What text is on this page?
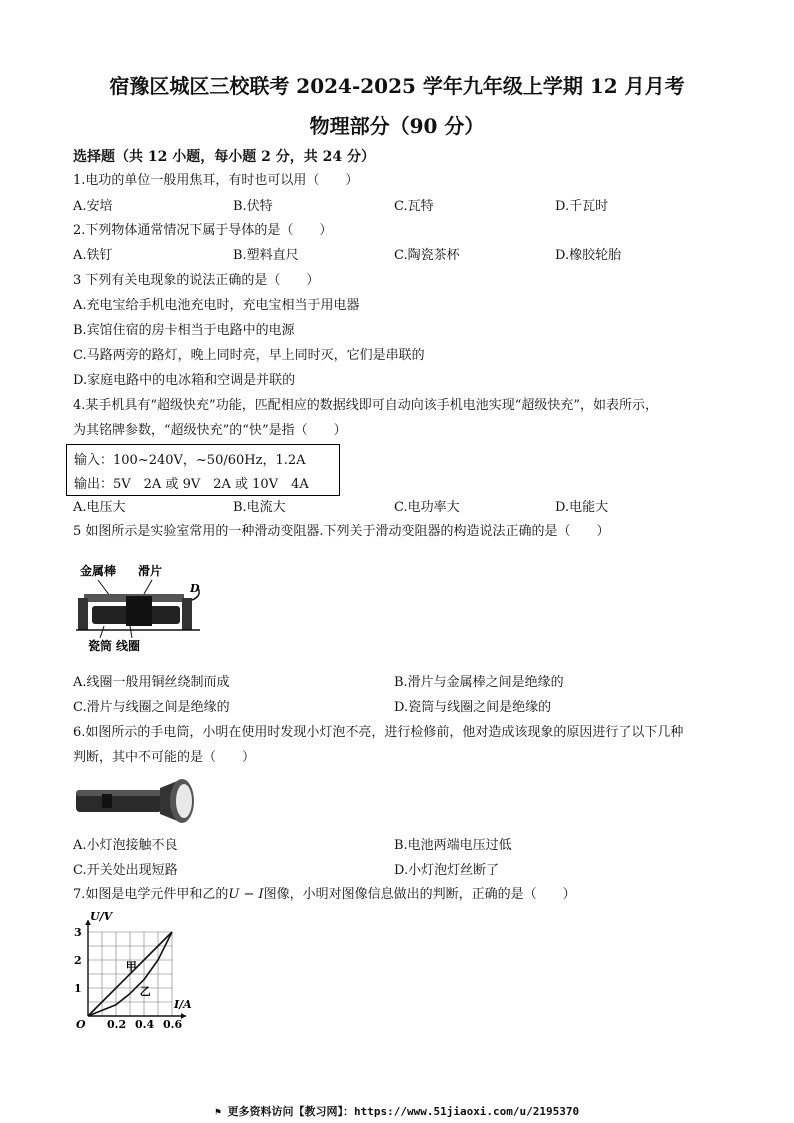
宿豫区城区三校联考 2024-2025 学年九年级上学期 12 月月考
物理部分（90 分）
选择题（共 12 小题，每小题 2 分，共 24 分）
1.电功的单位一般用焦耳，有时也可以用（　　）
A.安培	B.伏特	C.瓦特	D.千瓦时
2.下列物体通常情况下属于导体的是（　　）
A.铁钉	B.塑料直尺	C.陶瓷茶杯	D.橡胶轮胎
3 下列有关电现象的说法正确的是（　　）
A.充电宝给手机电池充电时，充电宝相当于用电器
B.宾馆住宿的房卡相当于电路中的电源
C.马路两旁的路灯，晚上同时亮，早上同时灭，它们是串联的
D.家庭电路中的电冰箱和空调是并联的
4.某手机具有“超级快充”功能，匹配相应的数据线即可自动向该手机电池实现“超级快充”，如表所示，
为其铭牌参数，“超级快充”的“快”是指（　　）
输入：100~240V，~50/60Hz，1.2A
输出：5V　2A 或 9V　2A 或 10V　4A
A.电压大	B.电流大	C.电功率大	D.电能大
5 如图所示是实验室常用的一种滑动变阻器.下列关于滑动变阻器的构造说法正确的是（　　）
金属棒 滑片
D
瓷筒 线圈
A.线圈一般用铜丝绕制而成	B.滑片与金属棒之间是绝缘的
C.滑片与线圈之间是绝缘的	D.瓷筒与线圈之间是绝缘的
6.如图所示的手电筒，小明在使用时发现小灯泡不亮，进行检修前，他对造成该现象的原因进行了以下几种
判断，其中不可能的是（　　）
A.小灯泡接触不良	B.电池两端电压过低
C.开关处出现短路	D.小灯泡灯丝断了
7.如图是电学元件甲和乙的U − I图像，小明对图像信息做出的判断，正确的是（　　）
3
2
1
U/V
I/A
0.2 0.4 0.6
O
甲
乙
⚑ 更多资料访问【教习网】：https://www.51jiaoxi.com/u/2195370
